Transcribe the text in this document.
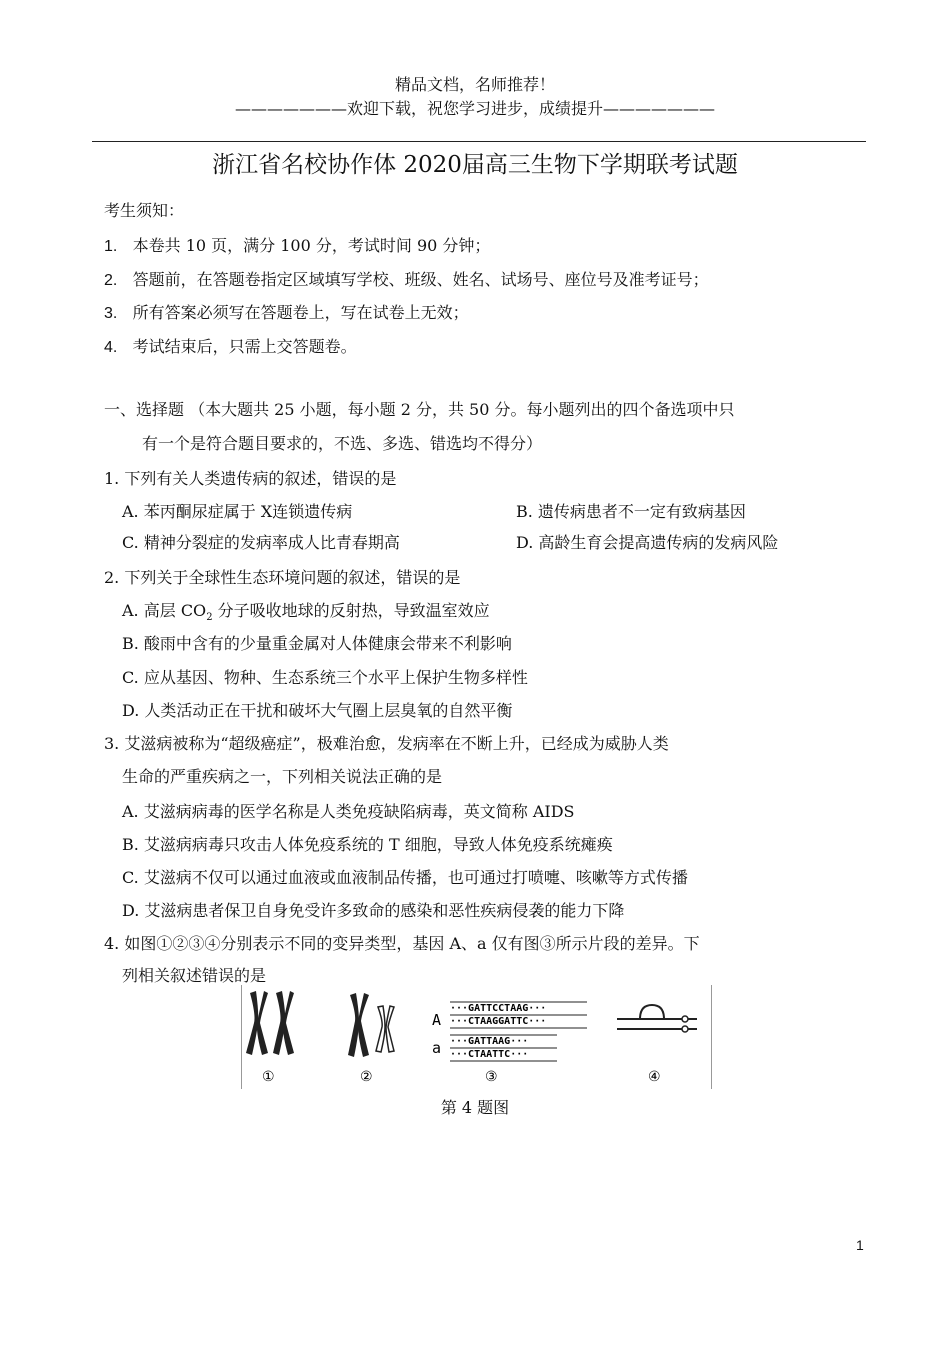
精品文档，名师推荐！
———————欢迎下载，祝您学习进步，成绩提升———————
浙江省名校协作体 2020届高三生物下学期联考试题
考生须知：
1. 本卷共 10 页，满分 100 分，考试时间 90 分钟；
2. 答题前，在答题卷指定区域填写学校、班级、姓名、试场号、座位号及准考证号；
3. 所有答案必须写在答题卷上，写在试卷上无效；
4. 考试结束后，只需上交答题卷。
一、选择题 （本大题共 25 小题，每小题 2 分，共 50 分。每小题列出的四个备选项中只
有一个是符合题目要求的，不选、多选、错选均不得分）
1. 下列有关人类遗传病的叙述，错误的是
A. 苯丙酮尿症属于 X连锁遗传病	B. 遗传病患者不一定有致病基因
C. 精神分裂症的发病率成人比青春期高	D. 高龄生育会提高遗传病的发病风险
2. 下列关于全球性生态环境问题的叙述，错误的是
A. 高层 $CO_2$ 分子吸收地球的反射热，导致温室效应
B. 酸雨中含有的少量重金属对人体健康会带来不利影响
C. 应从基因、物种、生态系统三个水平上保护生物多样性
D. 人类活动正在干扰和破坏大气圈上层臭氧的自然平衡
3. 艾滋病被称为“超级癌症”，极难治愈，发病率在不断上升，已经成为威胁人类
生命的严重疾病之一，下列相关说法正确的是
A. 艾滋病病毒的医学名称是人类免疫缺陷病毒，英文简称 AIDS
B. 艾滋病病毒只攻击人体免疫系统的 T 细胞，导致人体免疫系统瘫痪
C. 艾滋病不仅可以通过血液或血液制品传播，也可通过打喷嚏、咳嗽等方式传播
D. 艾滋病患者保卫自身免受许多致命的感染和恶性疾病侵袭的能力下降
4. 如图①②③④分别表示不同的变异类型，基因 A、a 仅有图③所示片段的差异。下
列相关叙述错误的是
①	②
A
···GATTCCTAAG···
···CTAAGGATTC···
a ···GATTAAG···
···CTAATTC···
③	④
第 4 题图
1
